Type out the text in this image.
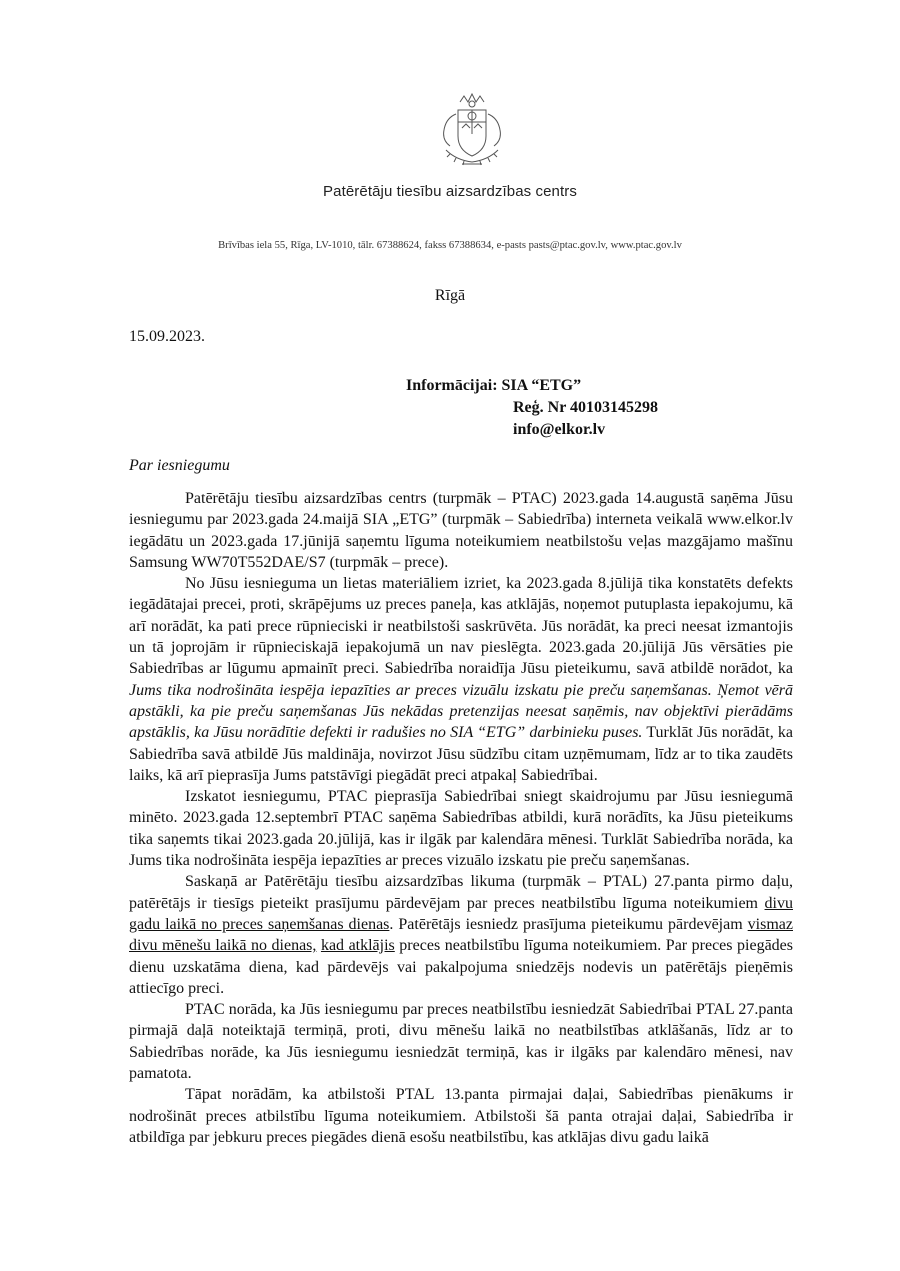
Patērētāju tiesību aizsardzības centrs
Brīvības iela 55, Rīga, LV-1010, tālr. 67388624, fakss 67388634, e-pasts pasts@ptac.gov.lv, www.ptac.gov.lv
Rīgā
15.09.2023.
Informācijai: SIA “ETG”
Reģ. Nr 40103145298
info@elkor.lv
Par iesniegumu

Patērētāju tiesību aizsardzības centrs (turpmāk – PTAC) 2023.gada 14.augustā saņēma Jūsu iesniegumu par 2023.gada 24.maijā SIA „ETG” (turpmāk – Sabiedrība) interneta veikalā www.elkor.lv iegādātu un 2023.gada 17.jūnijā saņemtu līguma noteikumiem neatbilstošu veļas mazgājamo mašīnu Samsung WW70T552DAE/S7 (turpmāk – prece).

No Jūsu iesnieguma un lietas materiāliem izriet, ka 2023.gada 8.jūlijā tika konstatēts defekts iegādātajai precei, proti, skrāpējums uz preces paneļa, kas atklājās, noņemot putuplasta iepakojumu, kā arī norādāt, ka pati prece rūpnieciski ir neatbilstoši saskrūvēta. Jūs norādāt, ka preci neesat izmantojis un tā joprojām ir rūpnieciskajā iepakojumā un nav pieslēgta. 2023.gada 20.jūlijā Jūs vērsāties pie Sabiedrības ar lūgumu apmainīt preci. Sabiedrība noraidīja Jūsu pieteikumu, savā atbildē norādot, ka Jums tika nodrošināta iespēja iepazīties ar preces vizuālu izskatu pie preču saņemšanas. Ņemot vērā apstākli, ka pie preču saņemšanas Jūs nekādas pretenzijas neesat saņēmis, nav objektīvi pierādāms apstāklis, ka Jūsu norādītie defekti ir radušies no SIA “ETG” darbinieku puses. Turklāt Jūs norādāt, ka Sabiedrība savā atbildē Jūs maldināja, novirzot Jūsu sūdzību citam uzņēmumam, līdz ar to tika zaudēts laiks, kā arī pieprasīja Jums patstāvīgi piegādāt preci atpakaļ Sabiedrībai.

Izskatot iesniegumu, PTAC pieprasīja Sabiedrībai sniegt skaidrojumu par Jūsu iesniegumā minēto. 2023.gada 12.septembrī PTAC saņēma Sabiedrības atbildi, kurā norādīts, ka Jūsu pieteikums tika saņemts tikai 2023.gada 20.jūlijā, kas ir ilgāk par kalendāra mēnesi. Turklāt Sabiedrība norāda, ka Jums tika nodrošināta iespēja iepazīties ar preces vizuālo izskatu pie preču saņemšanas.

Saskaņā ar Patērētāju tiesību aizsardzības likuma (turpmāk – PTAL) 27.panta pirmo daļu, patērētājs ir tiesīgs pieteikt prasījumu pārdevējam par preces neatbilstību līguma noteikumiem divu gadu laikā no preces saņemšanas dienas. Patērētājs iesniedz prasījuma pieteikumu pārdevējam vismaz divu mēnešu laikā no dienas, kad atklājis preces neatbilstību līguma noteikumiem. Par preces piegādes dienu uzskatāma diena, kad pārdevējs vai pakalpojuma sniedzējs nodevis un patērētājs pieņēmis attiecīgo preci.

PTAC norāda, ka Jūs iesniegumu par preces neatbilstību iesniedzāt Sabiedrībai PTAL 27.panta pirmajā daļā noteiktajā termiņā, proti, divu mēnešu laikā no neatbilstības atklāšanās, līdz ar to Sabiedrības norāde, ka Jūs iesniegumu iesniedzāt termiņā, kas ir ilgāks par kalendāro mēnesi, nav pamatota.

Tāpat norādām, ka atbilstoši PTAL 13.panta pirmajai daļai, Sabiedrības pienākums ir nodrošināt preces atbilstību līguma noteikumiem. Atbilstoši šā panta otrajai daļai, Sabiedrība ir atbildīga par jebkuru preces piegādes dienā esošu neatbilstību, kas atklājas divu gadu laikā
